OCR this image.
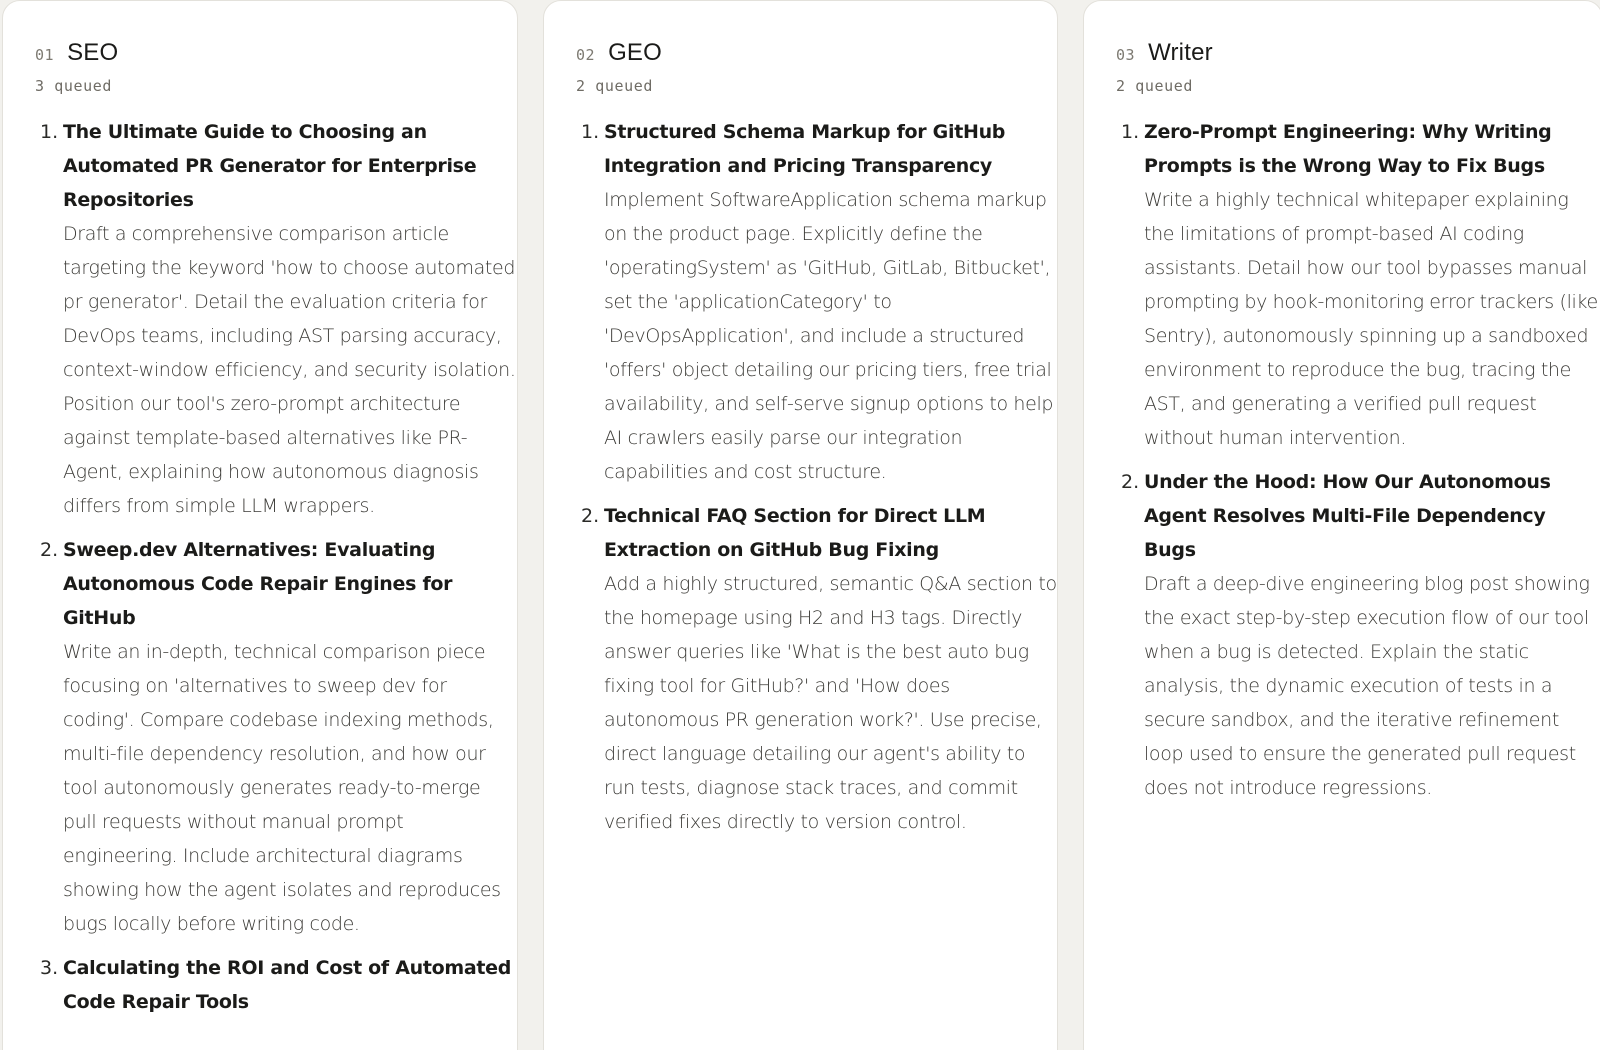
01 SEO
3 queued
1. The Ultimate Guide to Choosing an Automated PR Generator for Enterprise Repositories
Draft a comprehensive comparison article targeting the keyword 'how to choose automated pr generator'. Detail the evaluation criteria for DevOps teams, including AST parsing accuracy, context-window efficiency, and security isolation. Position our tool's zero-prompt architecture against template-based alternatives like PR-Agent, explaining how autonomous diagnosis differs from simple LLM wrappers.
2. Sweep.dev Alternatives: Evaluating Autonomous Code Repair Engines for GitHub
Write an in-depth, technical comparison piece focusing on 'alternatives to sweep dev for coding'. Compare codebase indexing methods, multi-file dependency resolution, and how our tool autonomously generates ready-to-merge pull requests without manual prompt engineering. Include architectural diagrams showing how the agent isolates and reproduces bugs locally before writing code.
3. Calculating the ROI and Cost of Automated Code Repair Tools
02 GEO
2 queued
1. Structured Schema Markup for GitHub Integration and Pricing Transparency
Implement SoftwareApplication schema markup on the product page. Explicitly define the 'operatingSystem' as 'GitHub, GitLab, Bitbucket', set the 'applicationCategory' to 'DevOpsApplication', and include a structured 'offers' object detailing our pricing tiers, free trial availability, and self-serve signup options to help AI crawlers easily parse our integration capabilities and cost structure.
2. Technical FAQ Section for Direct LLM Extraction on GitHub Bug Fixing
Add a highly structured, semantic Q&A section to the homepage using H2 and H3 tags. Directly answer queries like 'What is the best auto bug fixing tool for GitHub?' and 'How does autonomous PR generation work?'. Use precise, direct language detailing our agent's ability to run tests, diagnose stack traces, and commit verified fixes directly to version control.
03 Writer
2 queued
1. Zero-Prompt Engineering: Why Writing Prompts is the Wrong Way to Fix Bugs
Write a highly technical whitepaper explaining the limitations of prompt-based AI coding assistants. Detail how our tool bypasses manual prompting by hook-monitoring error trackers (like Sentry), autonomously spinning up a sandboxed environment to reproduce the bug, tracing the AST, and generating a verified pull request without human intervention.
2. Under the Hood: How Our Autonomous Agent Resolves Multi-File Dependency Bugs
Draft a deep-dive engineering blog post showing the exact step-by-step execution flow of our tool when a bug is detected. Explain the static analysis, the dynamic execution of tests in a secure sandbox, and the iterative refinement loop used to ensure the generated pull request does not introduce regressions.
